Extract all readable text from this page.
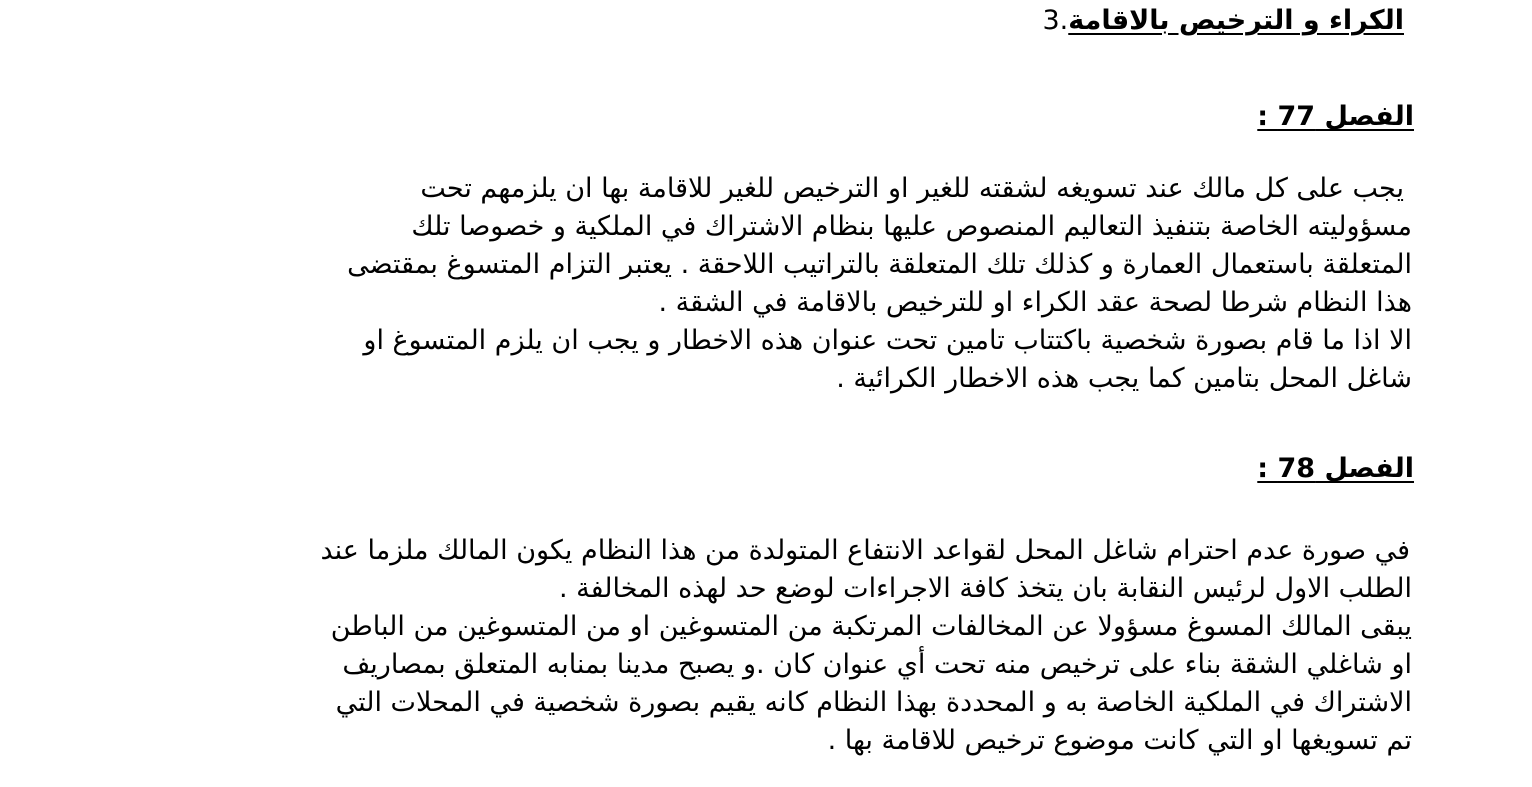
الكراء و الترخيص بالاقامة.3
الفصل 77 :
يجب على كل مالك عند تسويغه لشقته للغير او الترخيص للغير للاقامة بها ان يلزمهم تحت
مسؤوليته الخاصة بتنفيذ التعاليم المنصوص عليها بنظام الاشتراك في الملكية و خصوصا تلك
المتعلقة باستعمال العمارة و كذلك تلك المتعلقة بالتراتيب اللاحقة . يعتبر التزام المتسوغ بمقتضى
هذا النظام شرطا لصحة عقد الكراء او للترخيص بالاقامة في الشقة .
الا اذا ما قام بصورة شخصية باكتتاب تامين تحت عنوان هذه الاخطار و يجب ان يلزم المتسوغ او
شاغل المحل بتامين كما يجب هذه الاخطار الكرائية .
الفصل 78 :
في صورة عدم احترام شاغل المحل لقواعد الانتفاع المتولدة من هذا النظام يكون المالك ملزما عند
الطلب الاول لرئيس النقابة بان يتخذ كافة الاجراءات لوضع حد لهذه المخالفة .
يبقى المالك المسوغ مسؤولا عن المخالفات المرتكبة من المتسوغين او من المتسوغين من الباطن
او شاغلي الشقة بناء على ترخيص منه تحت أي عنوان كان .و يصبح مدينا بمنابه المتعلق بمصاريف
الاشتراك في الملكية الخاصة به و المحددة بهذا النظام كانه يقيم بصورة شخصية في المحلات التي
تم تسويغها او التي كانت موضوع ترخيص للاقامة بها .
